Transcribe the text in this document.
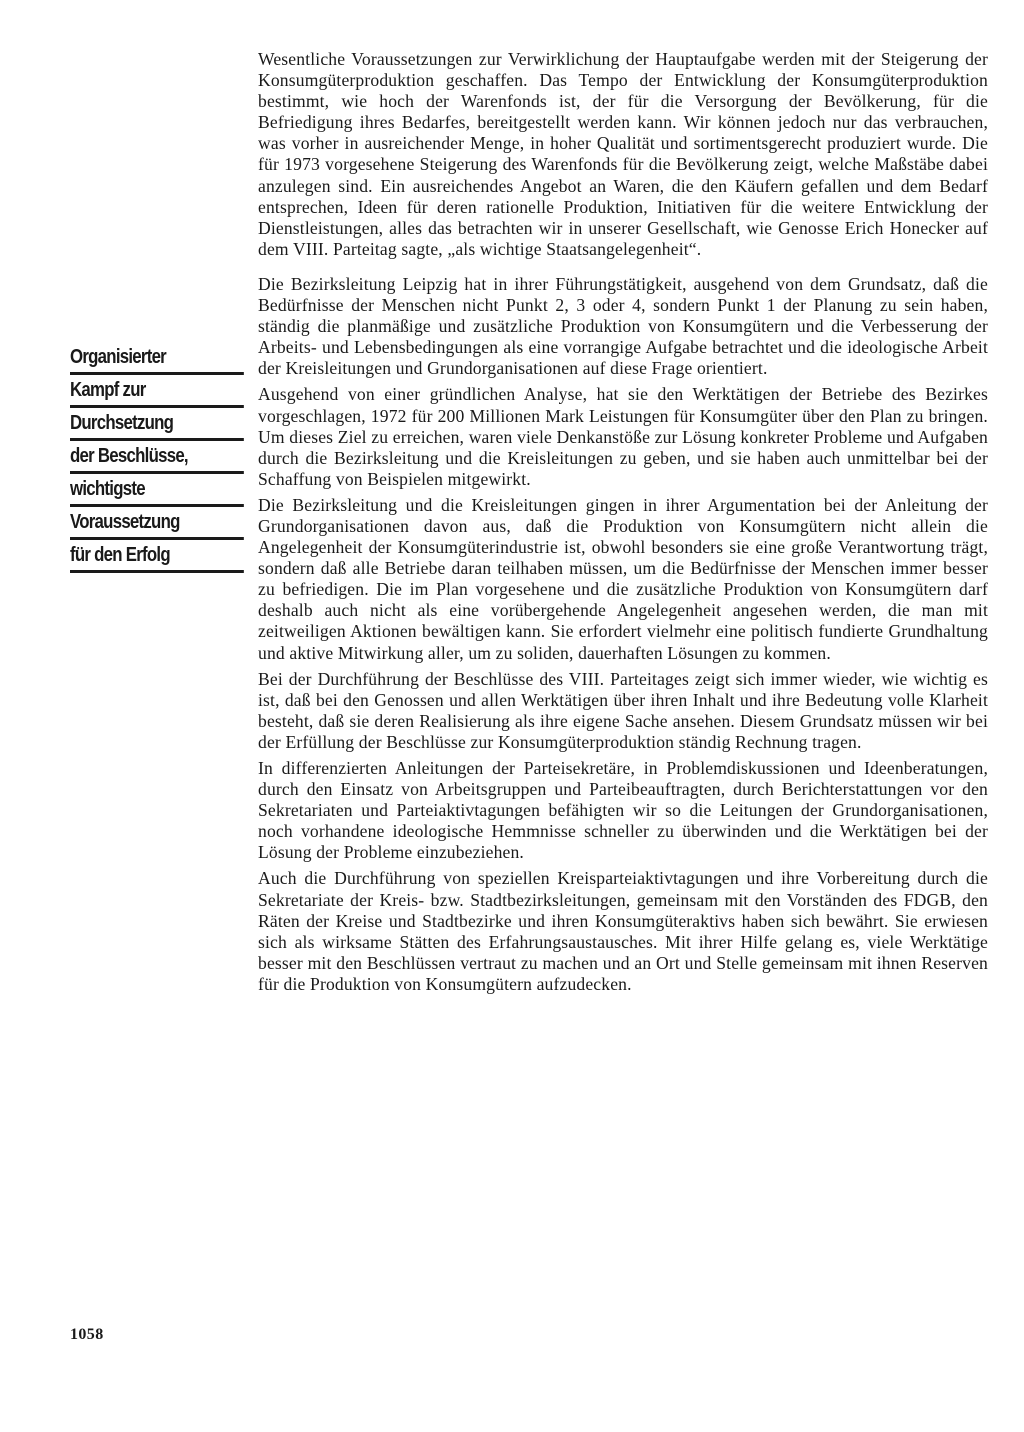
Wesentliche Voraussetzungen zur Verwirklichung der Hauptaufgabe werden mit der Steigerung der Konsumgüterproduktion geschaffen. Das Tempo der Entwicklung der Konsumgüterproduktion bestimmt, wie hoch der Warenfonds ist, der für die Versorgung der Bevölkerung, für die Befriedigung ihres Bedarfes, bereitgestellt werden kann. Wir können jedoch nur das verbrauchen, was vorher in ausreichender Menge, in hoher Qualität und sortimentsgerecht produziert wurde. Die für 1973 vorgesehene Steigerung des Warenfonds für die Bevölkerung zeigt, welche Maßstäbe dabei anzulegen sind. Ein ausreichendes Angebot an Waren, die den Käufern gefallen und dem Bedarf entsprechen, Ideen für deren rationelle Produktion, Initiativen für die weitere Entwicklung der Dienstleistungen, alles das betrachten wir in unserer Gesellschaft, wie Genosse Erich Honecker auf dem VIII. Parteitag sagte, „als wichtige Staatsangelegenheit“.

Die Bezirksleitung Leipzig hat in ihrer Führungstätigkeit, ausgehend von dem Grundsatz, daß die Bedürfnisse der Menschen nicht Punkt 2, 3 oder 4, sondern Punkt 1 der Planung zu sein haben, ständig die planmäßige und zusätzliche Produktion von Konsumgütern und die Verbesserung der Arbeits- und Lebensbedingungen als eine vorrangige Aufgabe betrachtet und die ideologische Arbeit der Kreisleitungen und Grundorganisationen auf diese Frage orientiert.

Ausgehend von einer gründlichen Analyse, hat sie den Werktätigen der Betriebe des Bezirkes vorgeschlagen, 1972 für 200 Millionen Mark Leistungen für Konsumgüter über den Plan zu bringen. Um dieses Ziel zu erreichen, waren viele Denkanstöße zur Lösung konkreter Probleme und Aufgaben durch die Bezirksleitung und die Kreisleitungen zu geben, und sie haben auch unmittelbar bei der Schaffung von Beispielen mitgewirkt.

Die Bezirksleitung und die Kreisleitungen gingen in ihrer Argumentation bei der Anleitung der Grundorganisationen davon aus, daß die Produktion von Konsumgütern nicht allein die Angelegenheit der Konsumgüterindustrie ist, obwohl besonders sie eine große Verantwortung trägt, sondern daß alle Betriebe daran teilhaben müssen, um die Bedürfnisse der Menschen immer besser zu befriedigen. Die im Plan vorgesehene und die zusätzliche Produktion von Konsumgütern darf deshalb auch nicht als eine vorübergehende Angelegenheit angesehen werden, die man mit zeitweiligen Aktionen bewältigen kann. Sie erfordert vielmehr eine politisch fundierte Grundhaltung und aktive Mitwirkung aller, um zu soliden, dauerhaften Lösungen zu kommen.

Bei der Durchführung der Beschlüsse des VIII. Parteitages zeigt sich immer wieder, wie wichtig es ist, daß bei den Genossen und allen Werktätigen über ihren Inhalt und ihre Bedeutung volle Klarheit besteht, daß sie deren Realisierung als ihre eigene Sache ansehen. Diesem Grundsatz müssen wir bei der Erfüllung der Beschlüsse zur Konsumgüterproduktion ständig Rechnung tragen.

In differenzierten Anleitungen der Parteisekretäre, in Problemdiskussionen und Ideenberatungen, durch den Einsatz von Arbeitsgruppen und Parteibeauftragten, durch Berichterstattungen vor den Sekretariaten und Parteiaktivtagungen befähigten wir so die Leitungen der Grundorganisationen, noch vorhandene ideologische Hemmnisse schneller zu überwinden und die Werktätigen bei der Lösung der Probleme einzubeziehen.

Auch die Durchführung von speziellen Kreisparteiaktivtagungen und ihre Vorbereitung durch die Sekretariate der Kreis- bzw. Stadtbezirksleitungen, gemeinsam mit den Vorständen des FDGB, den Räten der Kreise und Stadtbezirke und ihren Konsumgüteraktivs haben sich bewährt. Sie erwiesen sich als wirksame Stätten des Erfahrungsaustausches. Mit ihrer Hilfe gelang es, viele Werktätige besser mit den Beschlüssen vertraut zu machen und an Ort und Stelle gemeinsam mit ihnen Reserven für die Produktion von Konsumgütern aufzudecken.

Organisierter
Kampf zur
Durchsetzung
der Beschlüsse,
wichtigste
Voraussetzung
für den Erfolg
1058
